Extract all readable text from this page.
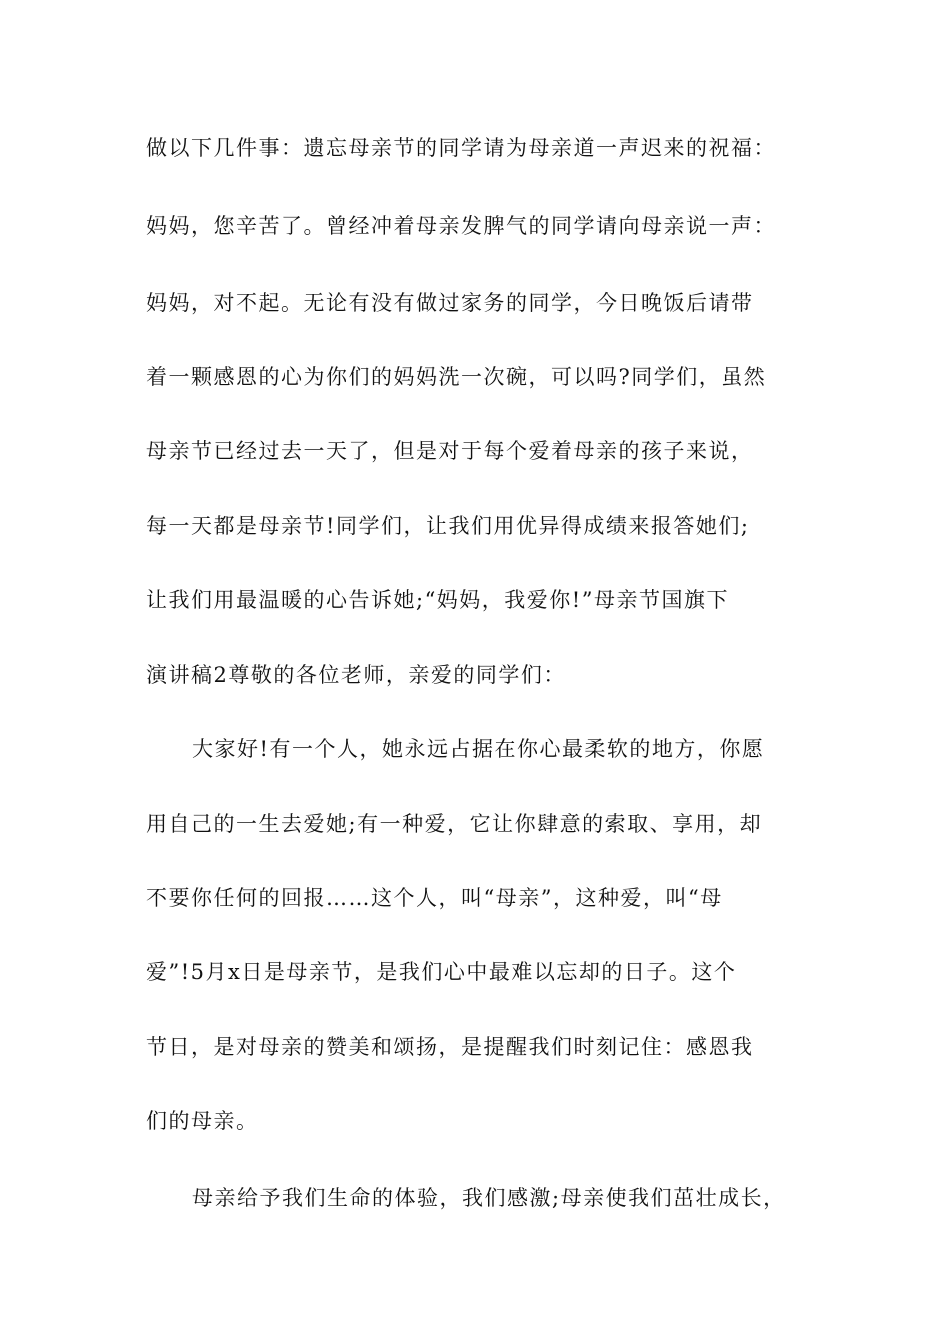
做以下几件事：遗忘母亲节的同学请为母亲道一声迟来的祝福：

妈妈，您辛苦了。曾经冲着母亲发脾气的同学请向母亲说一声：

妈妈，对不起。无论有没有做过家务的同学，今日晚饭后请带

着一颗感恩的心为你们的妈妈洗一次碗，可以吗?同学们，虽然

母亲节已经过去一天了，但是对于每个爱着母亲的孩子来说，

每一天都是母亲节!同学们，让我们用优异得成绩来报答她们;

让我们用最温暖的心告诉她;“妈妈，我爱你!”母亲节国旗下

演讲稿2尊敬的各位老师，亲爱的同学们：

大家好!有一个人，她永远占据在你心最柔软的地方，你愿

用自己的一生去爱她;有一种爱，它让你肆意的索取、享用，却

不要你任何的回报……这个人，叫“母亲”，这种爱，叫“母

爱”!5月x日是母亲节，是我们心中最难以忘却的日子。这个

节日，是对母亲的赞美和颂扬，是提醒我们时刻记住：感恩我

们的母亲。

母亲给予我们生命的体验，我们感激;母亲使我们茁壮成长，
